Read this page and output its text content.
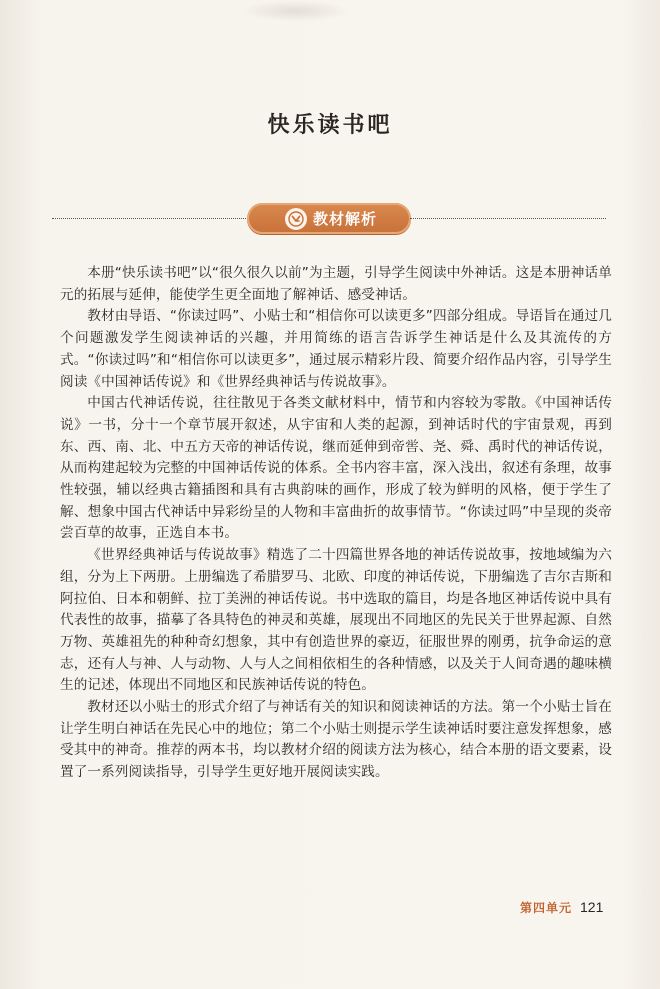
快乐读书吧
教材解析

本册“快乐读书吧”以“很久很久以前”为主题，引导学生阅读中外神话。这是本册神话单元的拓展与延伸，能使学生更全面地了解神话、感受神话。

教材由导语、“你读过吗”、小贴士和“相信你可以读更多”四部分组成。导语旨在通过几个问题激发学生阅读神话的兴趣，并用简练的语言告诉学生神话是什么及其流传的方式。“你读过吗”和“相信你可以读更多”，通过展示精彩片段、简要介绍作品内容，引导学生阅读《中国神话传说》和《世界经典神话与传说故事》。

中国古代神话传说，往往散见于各类文献材料中，情节和内容较为零散。《中国神话传说》一书，分十一个章节展开叙述，从宇宙和人类的起源，到神话时代的宇宙景观，再到东、西、南、北、中五方天帝的神话传说，继而延伸到帝喾、尧、舜、禹时代的神话传说，从而构建起较为完整的中国神话传说的体系。全书内容丰富，深入浅出，叙述有条理，故事性较强，辅以经典古籍插图和具有古典韵味的画作，形成了较为鲜明的风格，便于学生了解、想象中国古代神话中异彩纷呈的人物和丰富曲折的故事情节。“你读过吗”中呈现的炎帝尝百草的故事，正选自本书。

《世界经典神话与传说故事》精选了二十四篇世界各地的神话传说故事，按地域编为六组，分为上下两册。上册编选了希腊罗马、北欧、印度的神话传说，下册编选了吉尔吉斯和阿拉伯、日本和朝鲜、拉丁美洲的神话传说。书中选取的篇目，均是各地区神话传说中具有代表性的故事，描摹了各具特色的神灵和英雄，展现出不同地区的先民关于世界起源、自然万物、英雄祖先的种种奇幻想象，其中有创造世界的豪迈，征服世界的刚勇，抗争命运的意志，还有人与神、人与动物、人与人之间相依相生的各种情感，以及关于人间奇遇的趣味横生的记述，体现出不同地区和民族神话传说的特色。

教材还以小贴士的形式介绍了与神话有关的知识和阅读神话的方法。第一个小贴士旨在让学生明白神话在先民心中的地位；第二个小贴士则提示学生读神话时要注意发挥想象，感受其中的神奇。推荐的两本书，均以教材介绍的阅读方法为核心，结合本册的语文要素，设置了一系列阅读指导，引导学生更好地开展阅读实践。

第四单元 121
